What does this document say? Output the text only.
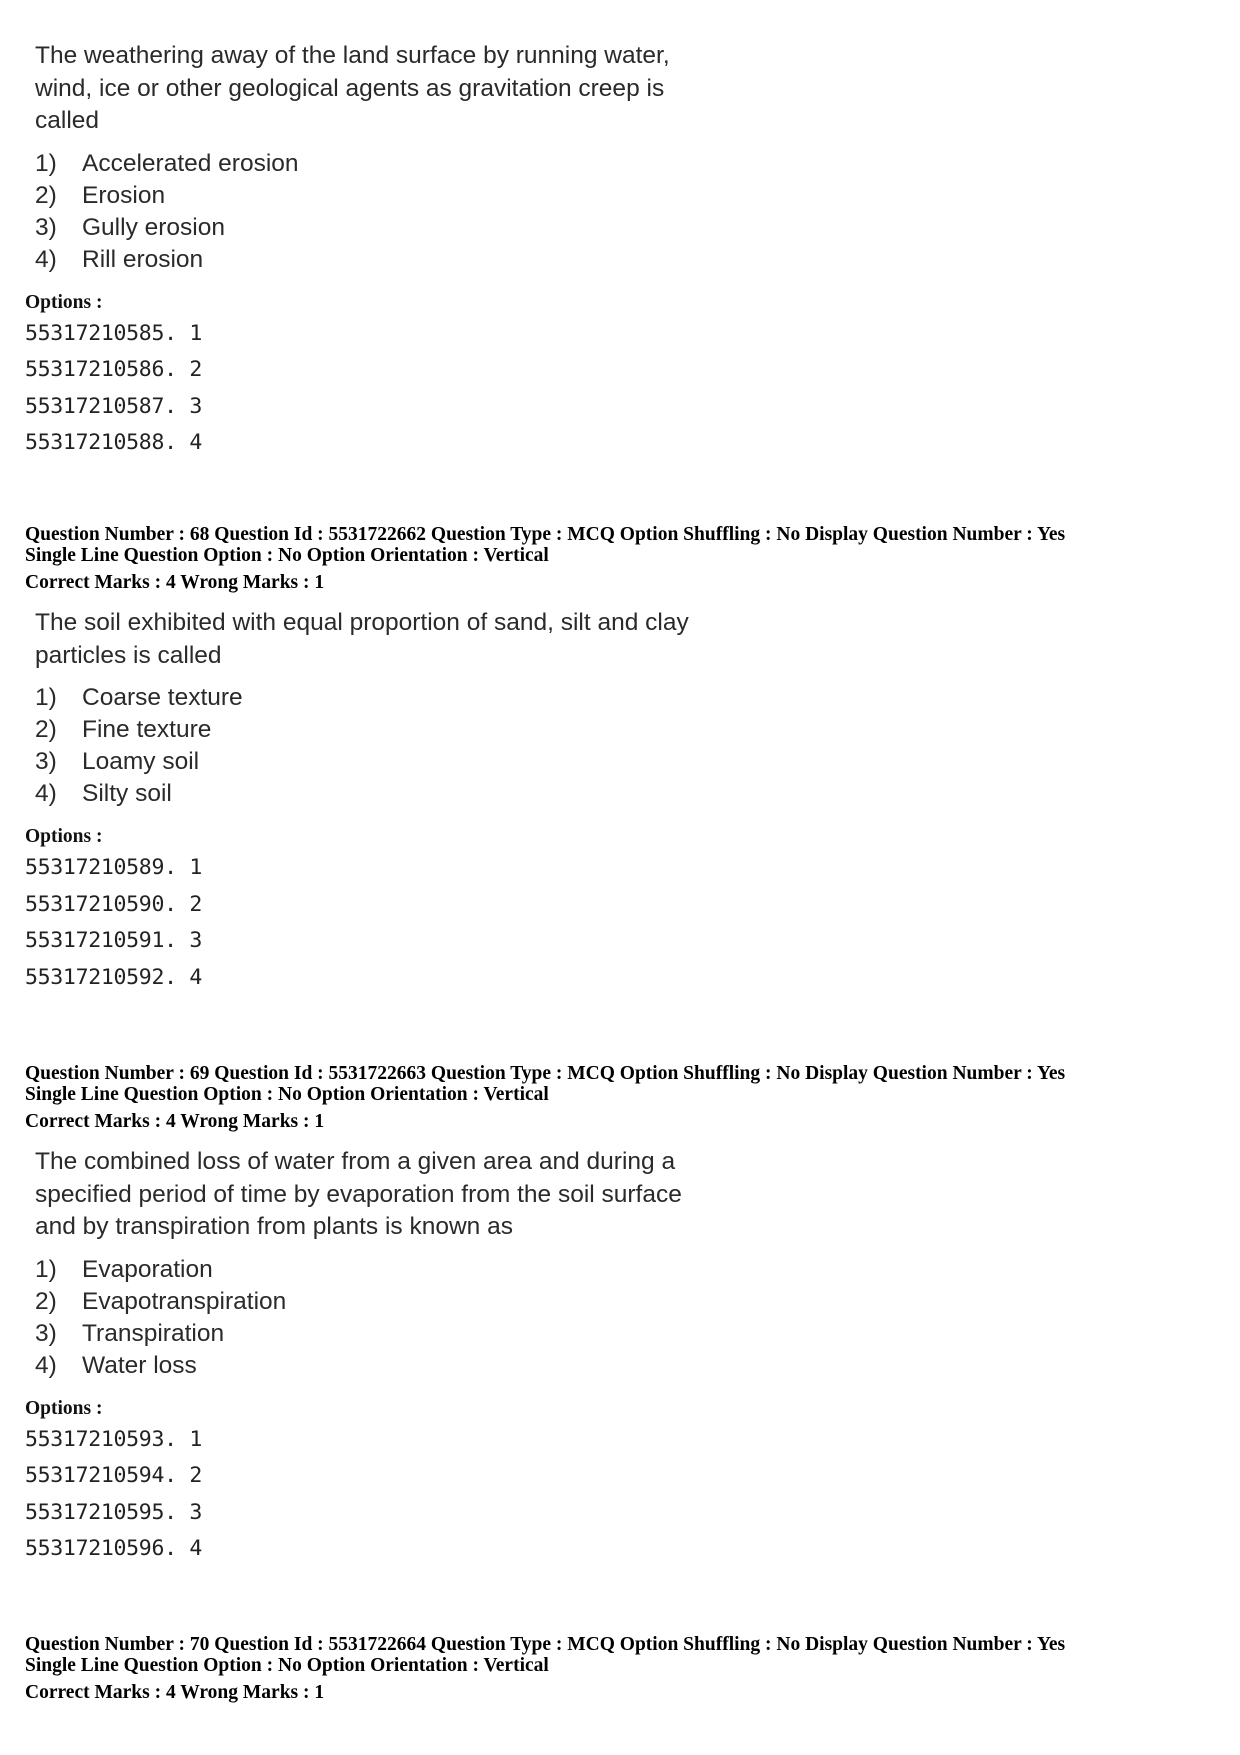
The weathering away of the land surface by running water,
wind, ice or other geological agents as gravitation creep is
called
1)	Accelerated erosion
2)	Erosion
3)	Gully erosion
4)	Rill erosion
Options :
55317210585. 1
55317210586. 2
55317210587. 3
55317210588. 4
Question Number : 68 Question Id : 5531722662 Question Type : MCQ Option Shuffling : No Display Question Number : Yes
Single Line Question Option : No Option Orientation : Vertical
Correct Marks : 4 Wrong Marks : 1
The soil exhibited with equal proportion of sand, silt and clay
particles is called
1)	Coarse texture
2)	Fine texture
3)	Loamy soil
4)	Silty soil
Options :
55317210589. 1
55317210590. 2
55317210591. 3
55317210592. 4
Question Number : 69 Question Id : 5531722663 Question Type : MCQ Option Shuffling : No Display Question Number : Yes
Single Line Question Option : No Option Orientation : Vertical
Correct Marks : 4 Wrong Marks : 1
The combined loss of water from a given area and during a
specified period of time by evaporation from the soil surface
and by transpiration from plants is known as
1)	Evaporation
2)	Evapotranspiration
3)	Transpiration
4)	Water loss
Options :
55317210593. 1
55317210594. 2
55317210595. 3
55317210596. 4
Question Number : 70 Question Id : 5531722664 Question Type : MCQ Option Shuffling : No Display Question Number : Yes
Single Line Question Option : No Option Orientation : Vertical
Correct Marks : 4 Wrong Marks : 1
